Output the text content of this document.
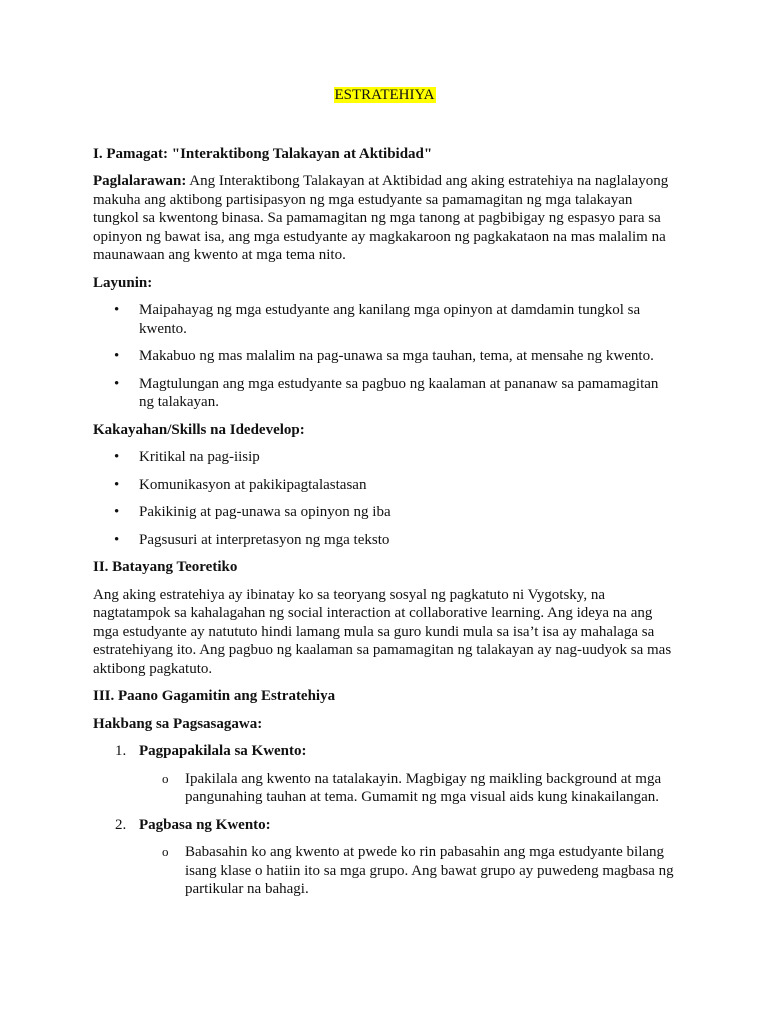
ESTRATEHIYA
I. Pamagat: "Interaktibong Talakayan at Aktibidad"

Paglalarawan: Ang Interaktibong Talakayan at Aktibidad ang aking estratehiya na naglalayong makuha ang aktibong partisipasyon ng mga estudyante sa pamamagitan ng mga talakayan tungkol sa kwentong binasa. Sa pamamagitan ng mga tanong at pagbibigay ng espasyo para sa opinyon ng bawat isa, ang mga estudyante ay magkakaroon ng pagkakataon na mas malalim na maunawaan ang kwento at mga tema nito.

Layunin:
• Maipahayag ng mga estudyante ang kanilang mga opinyon at damdamin tungkol sa kwento.
• Makabuo ng mas malalim na pag-unawa sa mga tauhan, tema, at mensahe ng kwento.
• Magtulungan ang mga estudyante sa pagbuo ng kaalaman at pananaw sa pamamagitan ng talakayan.
Kakayahan/Skills na Idedevelop:
• Kritikal na pag-iisip
• Komunikasyon at pakikipagtalastasan
• Pakikinig at pag-unawa sa opinyon ng iba
• Pagsusuri at interpretasyon ng mga teksto
II. Batayang Teoretiko

Ang aking estratehiya ay ibinatay ko sa teoryang sosyal ng pagkatuto ni Vygotsky, na nagtatampok sa kahalagahan ng social interaction at collaborative learning. Ang ideya na ang mga estudyante ay natututo hindi lamang mula sa guro kundi mula sa isa’t isa ay mahalaga sa estratehiyang ito. Ang pagbuo ng kaalaman sa pamamagitan ng talakayan ay nag-uudyok sa mas aktibong pagkatuto.

III. Paano Gagamitin ang Estratehiya
Hakbang sa Pagsasagawa:
1. Pagpapakilala sa Kwento:
o Ipakilala ang kwento na tatalakayin. Magbigay ng maikling background at mga pangunahing tauhan at tema. Gumamit ng mga visual aids kung kinakailangan.
2. Pagbasa ng Kwento:
o Babasahin ko ang kwento at pwede ko rin pabasahin ang mga estudyante bilang isang klase o hatiin ito sa mga grupo. Ang bawat grupo ay puwedeng magbasa ng partikular na bahagi.
